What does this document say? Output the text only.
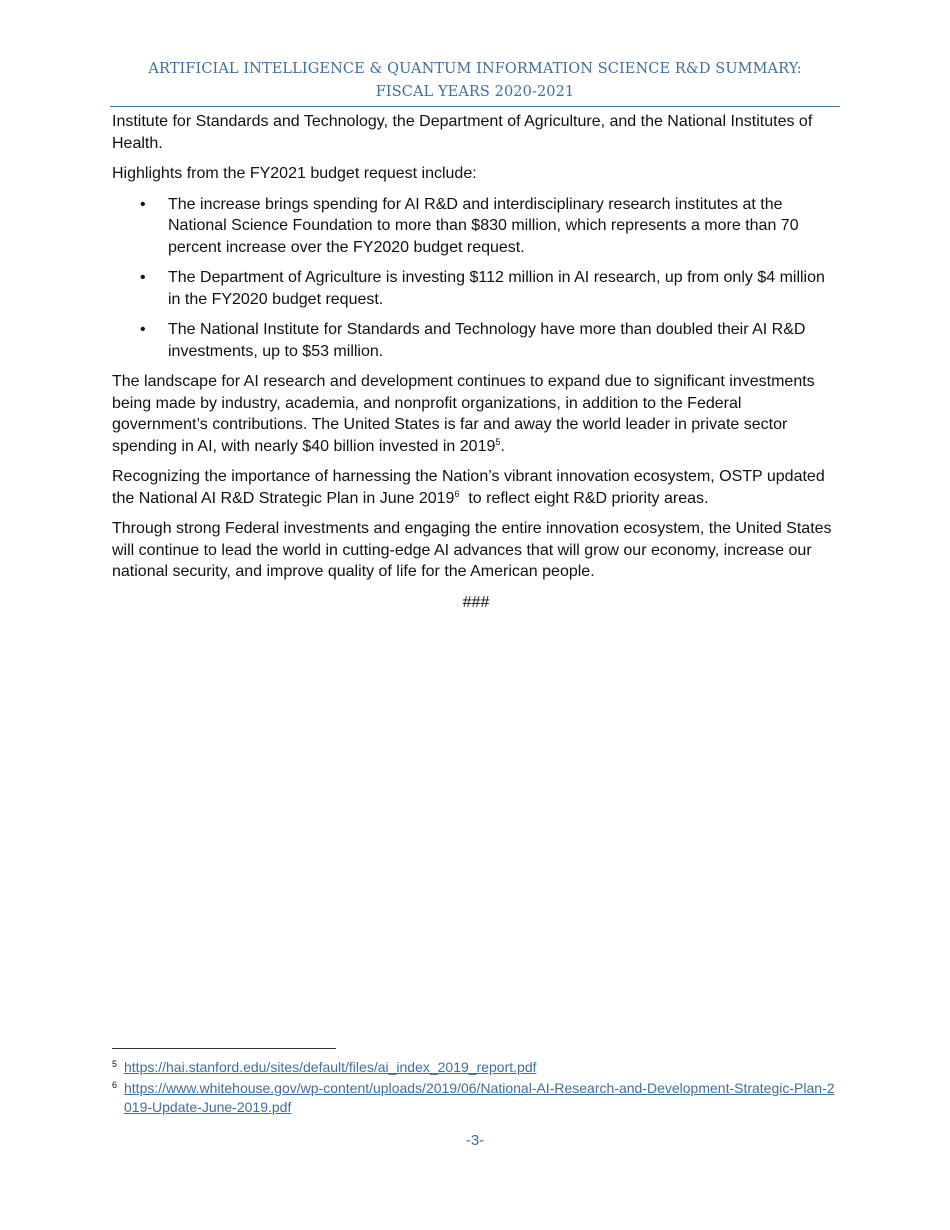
ARTIFICIAL INTELLIGENCE & QUANTUM INFORMATION SCIENCE R&D SUMMARY:
FISCAL YEARS 2020-2021

Institute for Standards and Technology, the Department of Agriculture, and the National Institutes of Health.

Highlights from the FY2021 budget request include:

• The increase brings spending for AI R&D and interdisciplinary research institutes at the National Science Foundation to more than $830 million, which represents a more than 70 percent increase over the FY2020 budget request.
• The Department of Agriculture is investing $112 million in AI research, up from only $4 million in the FY2020 budget request.
• The National Institute for Standards and Technology have more than doubled their AI R&D investments, up to $53 million.

The landscape for AI research and development continues to expand due to significant investments being made by industry, academia, and nonprofit organizations, in addition to the Federal government’s contributions. The United States is far and away the world leader in private sector spending in AI, with nearly $40 billion invested in 2019$^5$.

Recognizing the importance of harnessing the Nation’s vibrant innovation ecosystem, OSTP updated the National AI R&D Strategic Plan in June 2019$^6$  to reflect eight R&D priority areas.

Through strong Federal investments and engaging the entire innovation ecosystem, the United States will continue to lead the world in cutting-edge AI advances that will grow our economy, increase our national security, and improve quality of life for the American people.

###
5 https://hai.stanford.edu/sites/default/files/ai_index_2019_report.pdf
6 https://www.whitehouse.gov/wp-content/uploads/2019/06/National-AI-Research-and-Development-Strategic-Plan-2019-Update-June-2019.pdf
-3-
